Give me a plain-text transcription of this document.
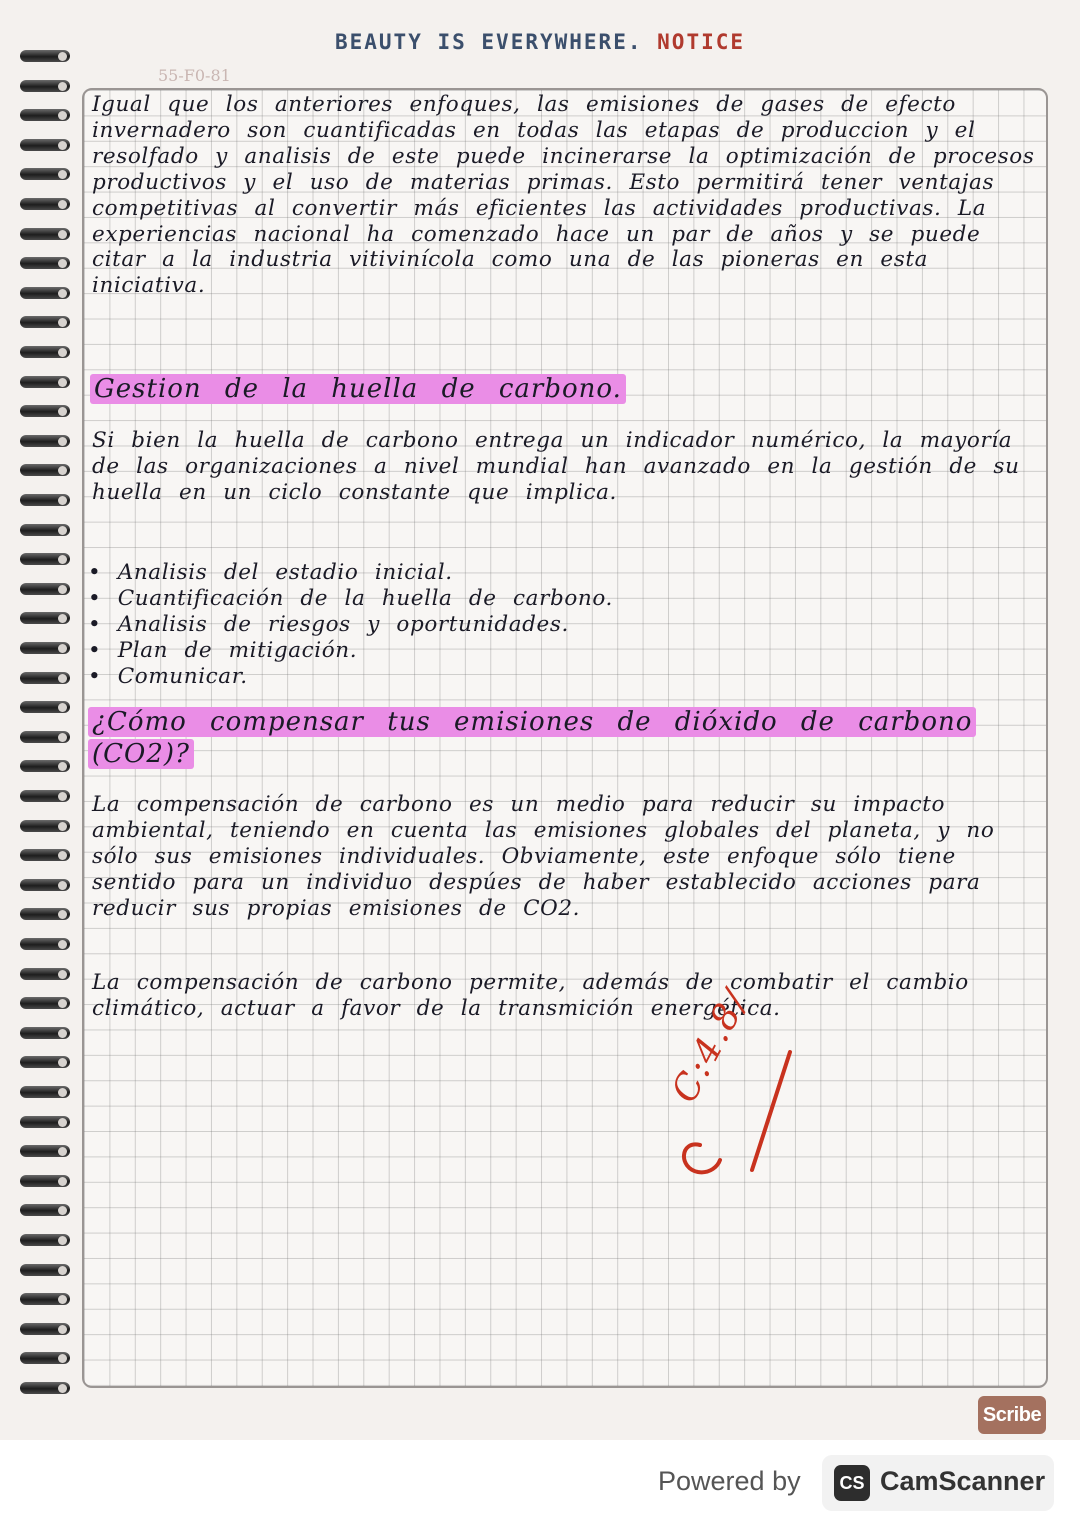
BEAUTY IS EVERYWHERE. NOTICE
55-F0-81

Igual que los anteriores enfoques, las emisiones de gases de efecto invernadero son cuantificadas en todas las etapas de produccion y el resolfado y analisis de este puede incinerarse la optimización de procesos productivos y el uso de materias primas. Esto permitirá tener ventajas competitivas al convertir más eficientes las actividades productivas. La experiencias nacional ha comenzado hace un par de años y se puede citar a la industria vitivinícola como una de las pioneras en esta iniciativa.

Gestion de la huella de carbono.

Si bien la huella de carbono entrega un indicador numérico, la mayoría de las organizaciones a nivel mundial han avanzado en la gestión de su huella en un ciclo constante que implica.

• Analisis del estadio inicial.
• Cuantificación de la huella de carbono.
• Analisis de riesgos y oportunidades.
• Plan de mitigación.
• Comunicar.
¿Cómo compensar tus emisiones de dióxido de carbono (CO2)?

La compensación de carbono es un medio para reducir su impacto ambiental, teniendo en cuenta las emisiones globales del planeta, y no sólo sus emisiones individuales. Obviamente, este enfoque sólo tiene sentido para un individuo despúes de haber establecido acciones para reducir sus propias emisiones de CO2.

La compensación de carbono permite, además de combatir el cambio climático, actuar a favor de la transmición energética.

C:4.8/
Scribe
Powered by	CS CamScanner
